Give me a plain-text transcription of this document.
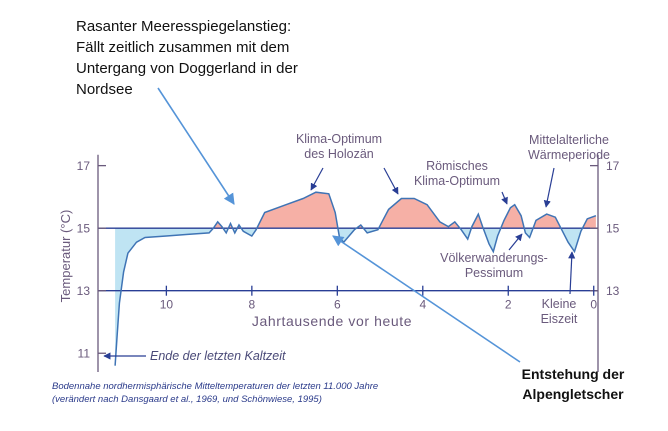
17
15
13
11
17
15
13
10	8	6	4	2	0
Temperatur (°C)
Jahrtausende vor heute
Klima-Optimum
des Holozän
Römisches
Klima-Optimum
Mittelalterliche
Wärmeperiode
Völkerwanderungs-
Pessimum
Kleine
Eiszeit
Ende der letzten Kaltzeit
Rasanter Meeresspiegelanstieg:
Fällt zeitlich zusammen mit dem
Untergang von Doggerland in der
Nordsee
Entstehung der
Alpengletscher
Bodennahe nordhermisphärische Mitteltemperaturen der letzten 11.000 Jahre
(verändert nach Dansgaard et al., 1969, und Schönwiese, 1995)
